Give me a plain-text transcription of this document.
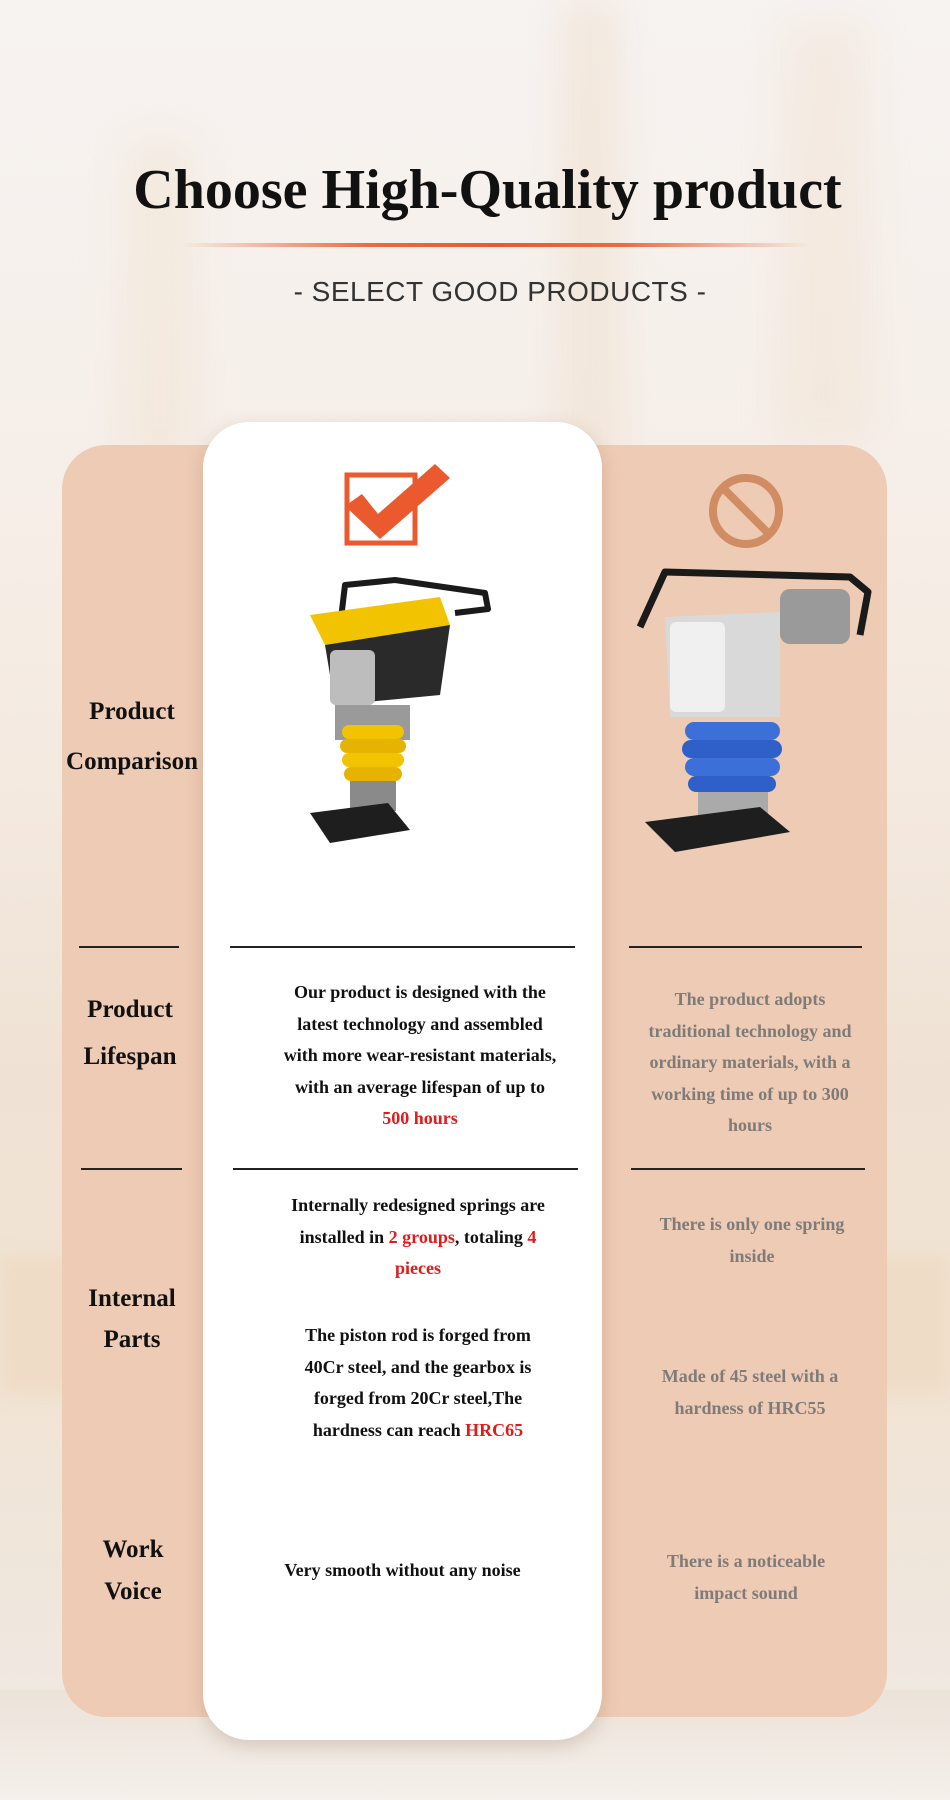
Choose High-Quality product
- SELECT GOOD PRODUCTS -
Product
Comparison
Product
Lifespan
Internal
Parts
Work
Voice
Our product is designed with the
latest technology and assembled
with more wear-resistant materials,
with an average lifespan of up to
500 hours
The product adopts
traditional technology and
ordinary materials, with a
working time of up to 300
hours
Internally redesigned springs are
installed in 2 groups, totaling 4
pieces
The piston rod is forged from
40Cr steel, and the gearbox is
forged from 20Cr steel,The
hardness can reach HRC65
There is only one spring
inside
Made of 45 steel with a
hardness of HRC55
Very smooth without any noise	There is a noticeable
impact sound
